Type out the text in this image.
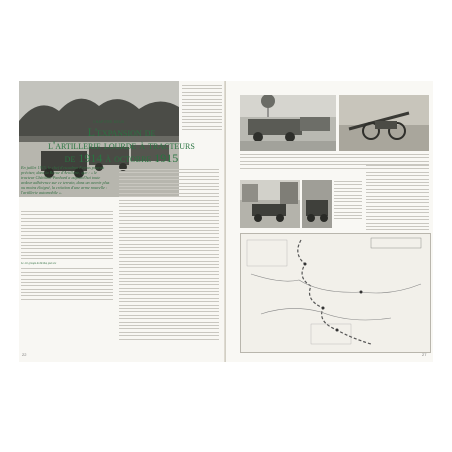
CHAPITRE DEUX
L'expansion de
l'artillerie lourde à tracteurs
de 1914 à octobre 1915
En juillet 1915, le chef d'escadron Ferrus pouvait préciser, dans la Revue d'Artillerie, que : « le tracteur Châtillon-Panhard a aujourd'hui toute ardeur adhérence sur ce terrain, dans un avenir plus ou moins éloigné, la création d'une arme nouvelle : l'artillerie automobile ».
Le 1er groupe du 8e RA, puis six
22	27
